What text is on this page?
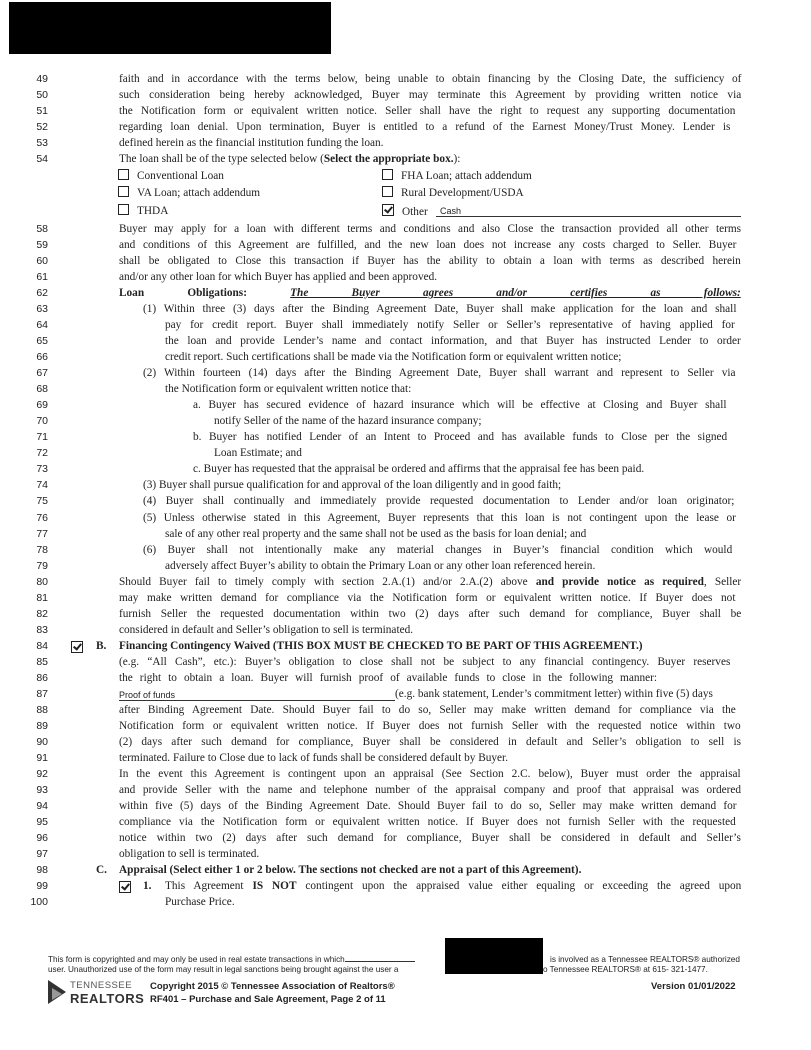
49	faith and in accordance with the terms below, being unable to obtain financing by the Closing Date, the sufficiency of
50	such consideration being hereby acknowledged, Buyer may terminate this Agreement by providing written notice via
51	the Notification form or equivalent written notice. Seller shall have the right to request any supporting documentation
52	regarding loan denial. Upon termination, Buyer is entitled to a refund of the Earnest Money/Trust Money. Lender is
53	defined herein as the financial institution funding the loan.
54	The loan shall be of the type selected below (Select the appropriate box.):
58	Buyer may apply for a loan with different terms and conditions and also Close the transaction provided all other terms
59	and conditions of this Agreement are fulfilled, and the new loan does not increase any costs charged to Seller. Buyer
60	shall be obligated to Close this transaction if Buyer has the ability to obtain a loan with terms as described herein
61	and/or any other loan for which Buyer has applied and been approved.
62	Loan Obligations:	The Buyer agrees and/or certifies as follows:
63	(1) Within three (3) days after the Binding Agreement Date, Buyer shall make application for the loan and shall
64	pay for credit report. Buyer shall immediately notify Seller or Seller’s representative of having applied for
65	the loan and provide Lender’s name and contact information, and that Buyer has instructed Lender to order
66	credit report. Such certifications shall be made via the Notification form or equivalent written notice;
67	(2) Within fourteen (14) days after the Binding Agreement Date, Buyer shall warrant and represent to Seller via
68	the Notification form or equivalent written notice that:
69	a. Buyer has secured evidence of hazard insurance which will be effective at Closing and Buyer shall
70	notify Seller of the name of the hazard insurance company;
71	b. Buyer has notified Lender of an Intent to Proceed and has available funds to Close per the signed
72	Loan Estimate; and
73	c. Buyer has requested that the appraisal be ordered and affirms that the appraisal fee has been paid.
74	(3) Buyer shall pursue qualification for and approval of the loan diligently and in good faith;
75	(4) Buyer shall continually and immediately provide requested documentation to Lender and/or loan originator;
76	(5) Unless otherwise stated in this Agreement, Buyer represents that this loan is not contingent upon the lease or
77	sale of any other real property and the same shall not be used as the basis for loan denial; and
78	(6) Buyer shall not intentionally make any material changes in Buyer’s financial condition which would
79	adversely affect Buyer’s ability to obtain the Primary Loan or any other loan referenced herein.
80	Should Buyer fail to timely comply with section 2.A.(1) and/or 2.A.(2) above and provide notice as required, Seller
81	may make written demand for compliance via the Notification form or equivalent written notice. If Buyer does not
82	furnish Seller the requested documentation within two (2) days after such demand for compliance, Buyer shall be
83	considered in default and Seller’s obligation to sell is terminated.
84
85	(e.g. “All Cash”, etc.): Buyer’s obligation to close shall not be subject to any financial contingency. Buyer reserves
86	the right to obtain a loan. Buyer will furnish proof of available funds to close in the following manner:
87	(e.g. bank statement, Lender’s commitment letter) within five (5) days
88	after Binding Agreement Date. Should Buyer fail to do so, Seller may make written demand for compliance via the
89	Notification form or equivalent written notice. If Buyer does not furnish Seller with the requested notice within two
90	(2) days after such demand for compliance, Buyer shall be considered in default and Seller’s obligation to sell is
91	terminated. Failure to Close due to lack of funds shall be considered default by Buyer.
92	In the event this Agreement is contingent upon an appraisal (See Section 2.C. below), Buyer must order the appraisal
93	and provide Seller with the name and telephone number of the appraisal company and proof that appraisal was ordered
94	within five (5) days of the Binding Agreement Date. Should Buyer fail to do so, Seller may make written demand for
95	compliance via the Notification form or equivalent written notice. If Buyer does not furnish Seller with the requested
96	notice within two (2) days after such demand for compliance, Buyer shall be considered in default and Seller’s
97	obligation to sell is terminated.
98
99
100	Purchase Price.
Conventional Loan	FHA Loan; attach addendum
VA Loan; attach addendum	Rural Development/USDA
THDA	Other Cash
B. Financing Contingency Waived (THIS BOX MUST BE CHECKED TO BE PART OF THIS AGREEMENT.)
Proof of funds
C. Appraisal (Select either 1 or 2 below. The sections not checked are not a part of this Agreement).
1. This Agreement IS NOT contingent upon the appraised value either equaling or exceeding the agreed upon
This form is copyrighted and may only be used in real estate transactions in which	is involved as a Tennessee REALTORS® authorized
user. Unauthorized use of the form may result in legal sanctions being brought against the user a	o Tennessee REALTORS® at 615- 321-1477.
TENNESSEE
REALTORS
Copyright 2015 © Tennessee Association of Realtors®
RF401 – Purchase and Sale Agreement, Page 2 of 11
Version 01/01/2022
